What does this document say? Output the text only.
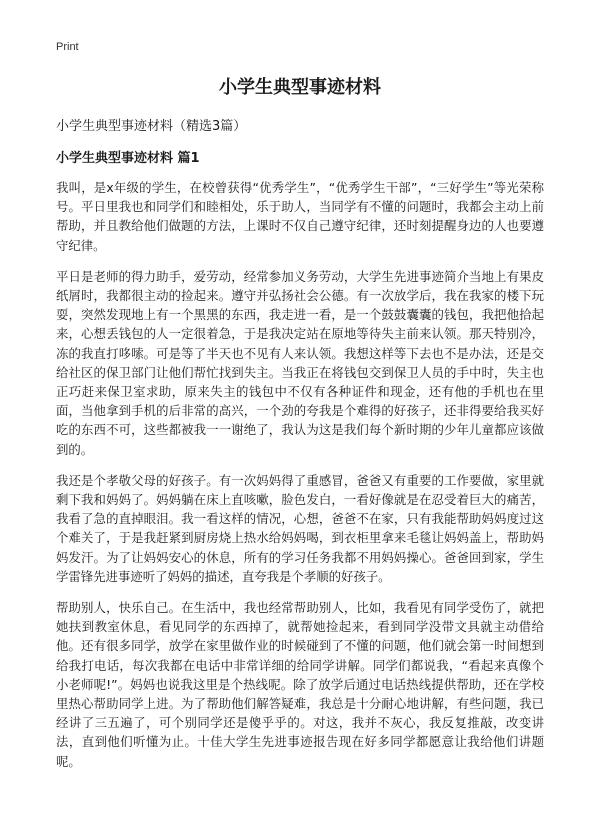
Print
小学生典型事迹材料
小学生典型事迹材料（精选3篇）
小学生典型事迹材料 篇1

我叫，是x年级的学生，在校曾获得“优秀学生”，“优秀学生干部”，“三好学生”等光荣称号。平日里我也和同学们和睦相处，乐于助人，当同学有不懂的问题时，我都会主动上前帮助，并且教给他们做题的方法，上课时不仅自己遵守纪律，还时刻提醒身边的人也要遵守纪律。

平日是老师的得力助手，爱劳动，经常参加义务劳动，大学生先进事迹简介当地上有果皮纸屑时，我都很主动的捡起来。遵守并弘扬社会公德。有一次放学后，我在我家的楼下玩耍，突然发现地上有一个黑黑的东西，我走进一看，是一个鼓鼓囊囊的钱包，我把他拾起来，心想丢钱包的人一定很着急，于是我决定站在原地等待失主前来认领。那天特别冷，冻的我直打哆嗦。可是等了半天也不见有人来认领。我想这样等下去也不是办法，还是交给社区的保卫部门让他们帮忙找到失主。当我正在将钱包交到保卫人员的手中时，失主也正巧赶来保卫室求助，原来失主的钱包中不仅有各种证件和现金，还有他的手机也在里面，当他拿到手机的后非常的高兴，一个劲的夸我是个难得的好孩子，还非得要给我买好吃的东西不可，这些都被我一一谢绝了，我认为这是我们每个新时期的少年儿童都应该做到的。

我还是个孝敬父母的好孩子。有一次妈妈得了重感冒，爸爸又有重要的工作要做，家里就剩下我和妈妈了。妈妈躺在床上直咳嗽，脸色发白，一看好像就是在忍受着巨大的痛苦，我看了急的直掉眼泪。我一看这样的情况，心想，爸爸不在家，只有我能帮助妈妈度过这个难关了，于是我赶紧到厨房烧上热水给妈妈喝，到衣柜里拿来毛毯让妈妈盖上，帮助妈妈发汗。为了让妈妈安心的休息，所有的学习任务我都不用妈妈操心。爸爸回到家，学生学雷锋先进事迹听了妈妈的描述，直夸我是个孝顺的好孩子。

帮助别人，快乐自己。在生活中，我也经常帮助别人，比如，我看见有同学受伤了，就把她扶到教室休息，看见同学的东西掉了，就帮她捡起来，看到同学没带文具就主动借给他。还有很多同学，放学在家里做作业的时候碰到了不懂的问题，他们就会第一时间想到给我打电话，每次我都在电话中非常详细的给同学讲解。同学们都说我，“看起来真像个小老师呢!”。妈妈也说我这里是个热线呢。除了放学后通过电话热线提供帮助，还在学校里热心帮助同学上进。为了帮助他们解答疑难，我总是十分耐心地讲解，有些问题，我已经讲了三五遍了，可个别同学还是傻乎乎的。对这，我并不灰心，我反复推敲，改变讲法，直到他们听懂为止。十佳大学生先进事迹报告现在好多同学都愿意让我给他们讲题呢。
